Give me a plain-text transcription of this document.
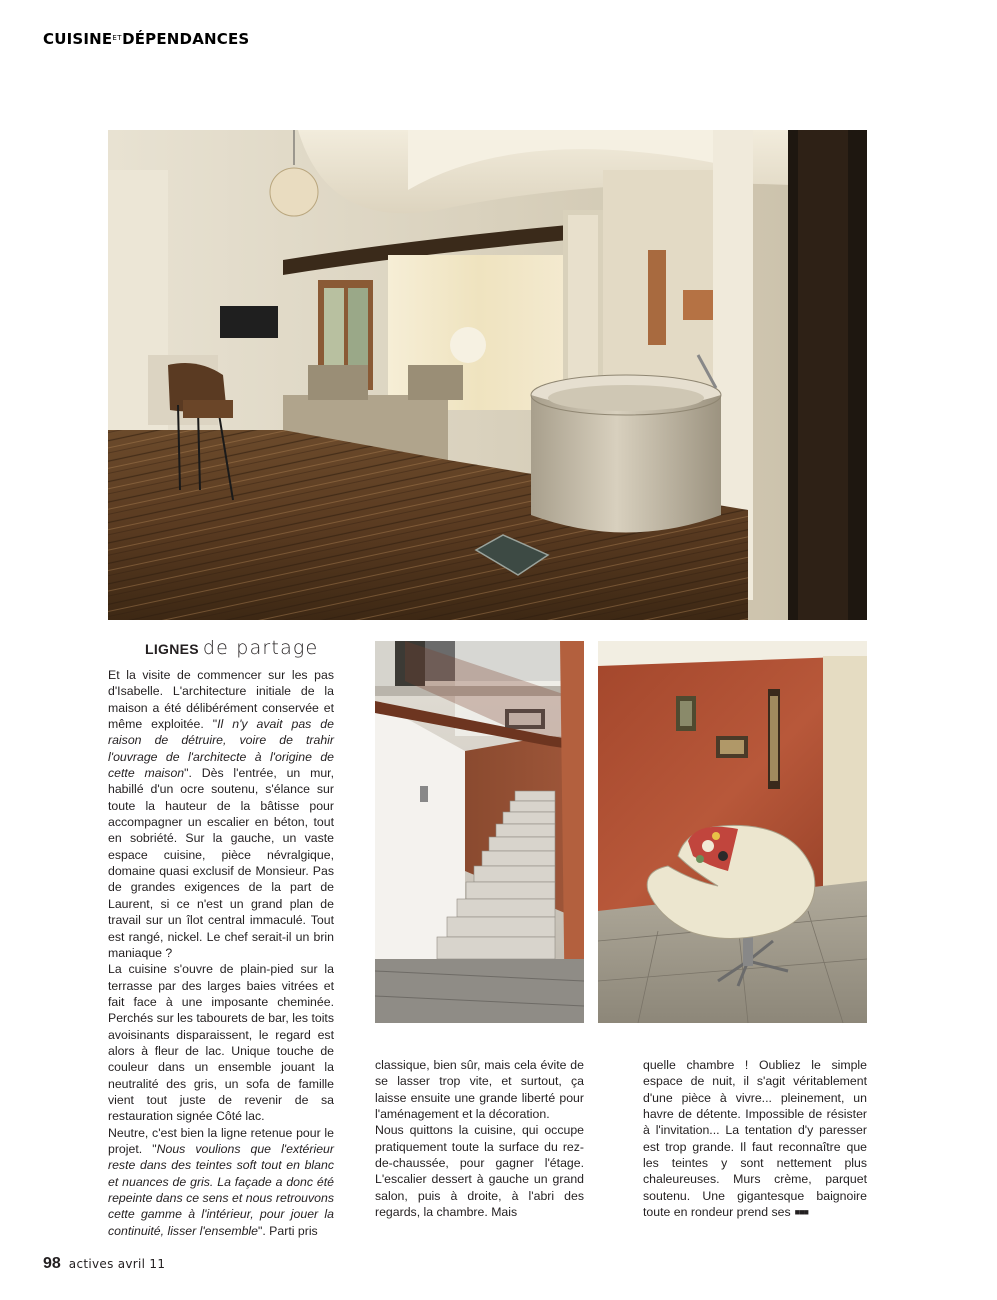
$CUISINE^{ET}DÉPENDANCES$
LIGNES de partage

Et la visite de commencer sur les pas d'Isabelle. L'architecture initiale de la maison a été délibérément conservée et même exploitée. "Il n'y avait pas de raison de détruire, voire de trahir l'ouvrage de l'architecte à l'origine de cette maison". Dès l'entrée, un mur, habillé d'un ocre soutenu, s'élance sur toute la hauteur de la bâtisse pour accompagner un escalier en béton, tout en sobriété. Sur la gauche, un vaste espace cuisine, pièce névralgique, domaine quasi exclusif de Monsieur. Pas de grandes exigences de la part de Laurent, si ce n'est un grand plan de travail sur un îlot central immaculé. Tout est rangé, nickel. Le chef serait-il un brin maniaque ?

La cuisine s'ouvre de plain-pied sur la terrasse par des larges baies vitrées et fait face à une imposante cheminée. Perchés sur les tabourets de bar, les toits avoisinants disparaissent, le regard est alors à fleur de lac. Unique touche de couleur dans un ensemble jouant la neutralité des gris, un sofa de famille vient tout juste de revenir de sa restauration signée Côté lac.

Neutre, c'est bien la ligne retenue pour le projet. "Nous voulions que l'extérieur reste dans des teintes soft tout en blanc et nuances de gris. La façade a donc été repeinte dans ce sens et nous retrouvons cette gamme à l'intérieur, pour jouer la continuité, lisser l'ensemble". Parti pris

classique, bien sûr, mais cela évite de se lasser trop vite, et surtout, ça laisse ensuite une grande liberté pour l'aménagement et la décoration.

Nous quittons la cuisine, qui occupe pratiquement toute la surface du rez-de-chaussée, pour gagner l'étage. L'escalier dessert à gauche un grand salon, puis à droite, à l'abri des regards, la chambre. Mais

quelle chambre ! Oubliez le simple espace de nuit, il s'agit véritablement d'une pièce à vivre... pleinement, un havre de détente. Impossible de résister à l'invitation... La tentation d'y paresser est trop grande. Il faut reconnaître que les teintes y sont nettement plus chaleureuses. Murs crème, parquet soutenu. Une gigantesque baignoire toute en rondeur prend ses ■■■

98 actives avril 11
